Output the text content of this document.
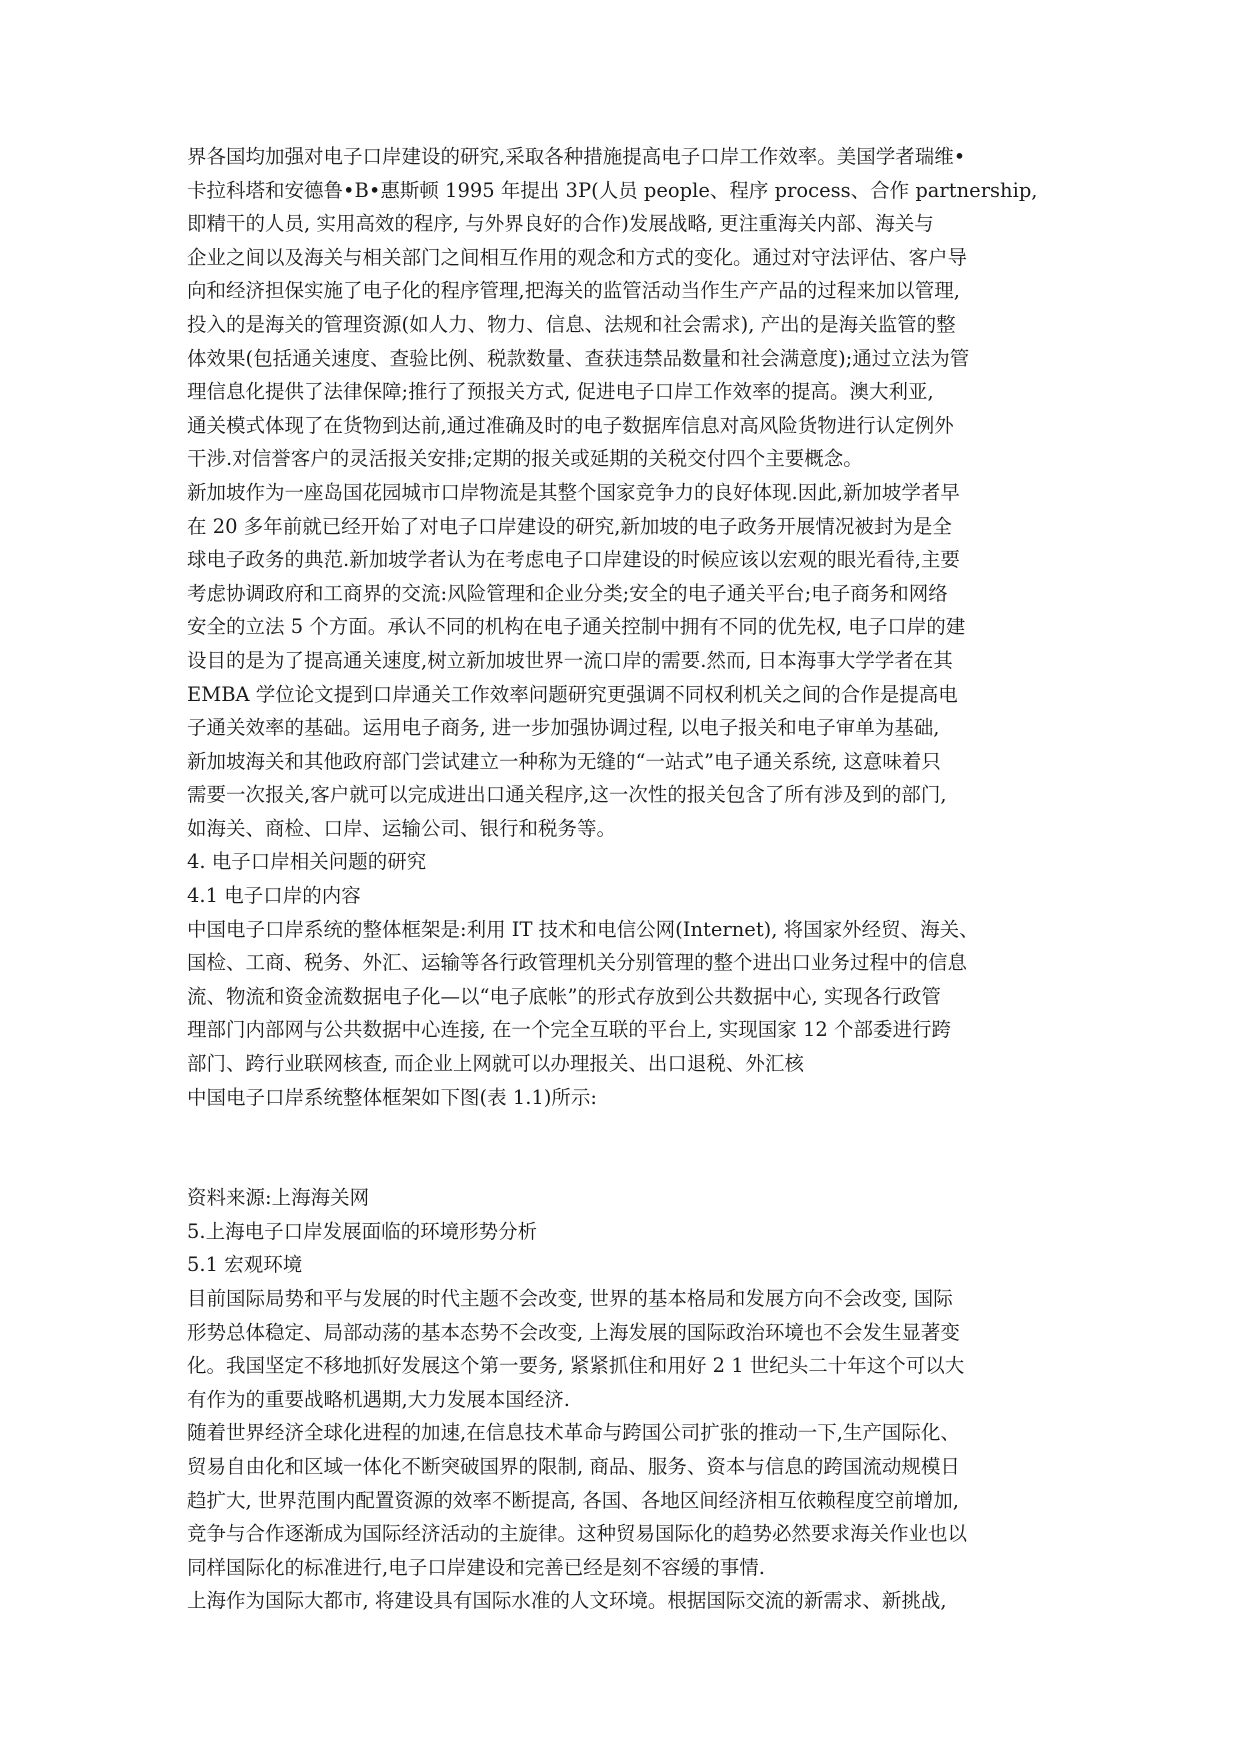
界各国均加强对电子口岸建设的研究,采取各种措施提高电子口岸工作效率。美国学者瑞维•
卡拉科塔和安德鲁•B•惠斯顿 1995 年提出 3P(人员 people、程序 process、合作 partnership,
即精干的人员, 实用高效的程序, 与外界良好的合作)发展战略, 更注重海关内部、海关与
企业之间以及海关与相关部门之间相互作用的观念和方式的变化。通过对守法评估、客户导
向和经济担保实施了电子化的程序管理,把海关的监管活动当作生产产品的过程来加以管理,
投入的是海关的管理资源(如人力、物力、信息、法规和社会需求), 产出的是海关监管的整
体效果(包括通关速度、查验比例、税款数量、查获违禁品数量和社会满意度);通过立法为管
理信息化提供了法律保障;推行了预报关方式, 促进电子口岸工作效率的提高。澳大利亚,
通关模式体现了在货物到达前,通过准确及时的电子数据库信息对高风险货物进行认定例外
干涉.对信誉客户的灵活报关安排;定期的报关或延期的关税交付四个主要概念。
新加坡作为一座岛国花园城市口岸物流是其整个国家竞争力的良好体现.因此,新加坡学者早
在 20 多年前就已经开始了对电子口岸建设的研究,新加坡的电子政务开展情况被封为是全
球电子政务的典范.新加坡学者认为在考虑电子口岸建设的时候应该以宏观的眼光看待,主要
考虑协调政府和工商界的交流:风险管理和企业分类;安全的电子通关平台;电子商务和网络
安全的立法 5 个方面。承认不同的机构在电子通关控制中拥有不同的优先权, 电子口岸的建
设目的是为了提高通关速度,树立新加坡世界一流口岸的需要.然而, 日本海事大学学者在其
EMBA 学位论文提到口岸通关工作效率问题研究更强调不同权利机关之间的合作是提高电
子通关效率的基础。运用电子商务, 进一步加强协调过程, 以电子报关和电子审单为基础,
新加坡海关和其他政府部门尝试建立一种称为无缝的“一站式”电子通关系统, 这意味着只
需要一次报关,客户就可以完成进出口通关程序,这一次性的报关包含了所有涉及到的部门,
如海关、商检、口岸、运输公司、银行和税务等。
4. 电子口岸相关问题的研究
4.1 电子口岸的内容
中国电子口岸系统的整体框架是:利用 IT 技术和电信公网(Internet), 将国家外经贸、海关、
国检、工商、税务、外汇、运输等各行政管理机关分别管理的整个进出口业务过程中的信息
流、物流和资金流数据电子化—以“电子底帐”的形式存放到公共数据中心, 实现各行政管
理部门内部网与公共数据中心连接, 在一个完全互联的平台上, 实现国家 12 个部委进行跨
部门、跨行业联网核查, 而企业上网就可以办理报关、出口退税、外汇核
中国电子口岸系统整体框架如下图(表 1.1)所示:
资料来源:上海海关网
5.上海电子口岸发展面临的环境形势分析
5.1 宏观环境
目前国际局势和平与发展的时代主题不会改变, 世界的基本格局和发展方向不会改变, 国际
形势总体稳定、局部动荡的基本态势不会改变, 上海发展的国际政治环境也不会发生显著变
化。我国坚定不移地抓好发展这个第一要务, 紧紧抓住和用好 2 1 世纪头二十年这个可以大
有作为的重要战略机遇期,大力发展本国经济.
随着世界经济全球化进程的加速,在信息技术革命与跨国公司扩张的推动一下,生产国际化、
贸易自由化和区域一体化不断突破国界的限制, 商品、服务、资本与信息的跨国流动规模日
趋扩大, 世界范围内配置资源的效率不断提高, 各国、各地区间经济相互依赖程度空前增加,
竞争与合作逐渐成为国际经济活动的主旋律。这种贸易国际化的趋势必然要求海关作业也以
同样国际化的标准进行,电子口岸建设和完善已经是刻不容缓的事情.
上海作为国际大都市, 将建设具有国际水准的人文环境。根据国际交流的新需求、新挑战,
